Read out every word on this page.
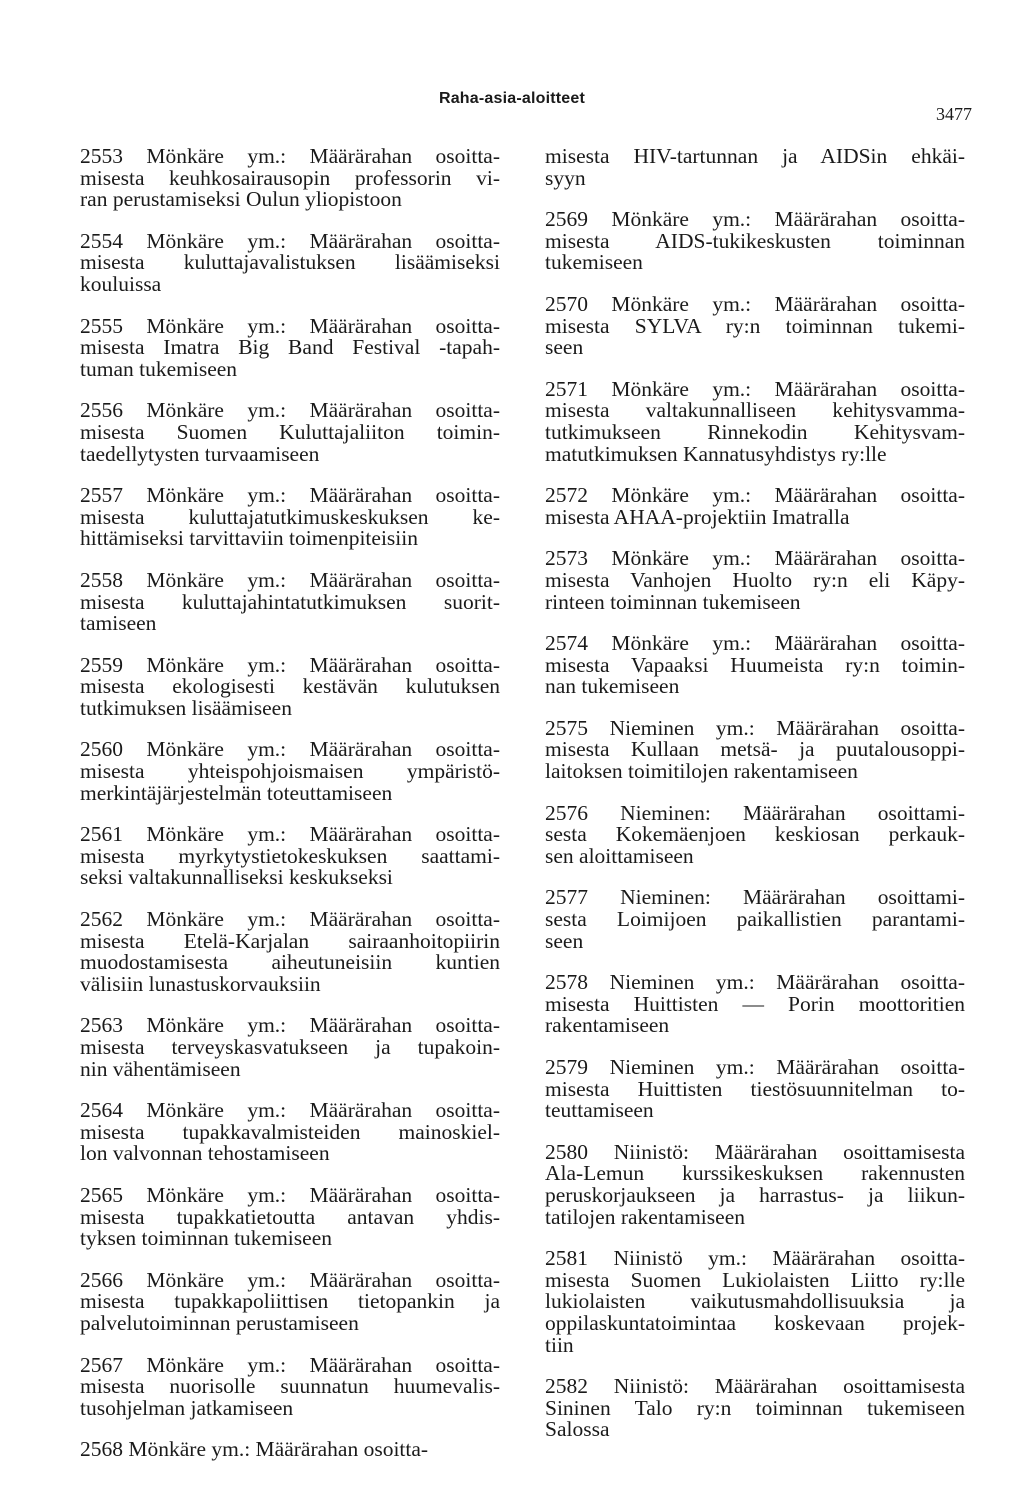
Raha-asia-aloitteet
3477
2553 Mönkäre ym.: Määrärahan osoitta-
misesta keuhkosairausopin professorin vi-
ran perustamiseksi Oulun yliopistoon
2554 Mönkäre ym.: Määrärahan osoitta-
misesta kuluttajavalistuksen lisäämiseksi
kouluissa
2555 Mönkäre ym.: Määrärahan osoitta-
misesta Imatra Big Band Festival -tapah-
tuman tukemiseen
2556 Mönkäre ym.: Määrärahan osoitta-
misesta Suomen Kuluttajaliiton toimin-
taedellytysten turvaamiseen
2557 Mönkäre ym.: Määrärahan osoitta-
misesta kuluttajatutkimuskeskuksen ke-
hittämiseksi tarvittaviin toimenpiteisiin
2558 Mönkäre ym.: Määrärahan osoitta-
misesta kuluttajahintatutkimuksen suorit-
tamiseen
2559 Mönkäre ym.: Määrärahan osoitta-
misesta ekologisesti kestävän kulutuksen
tutkimuksen lisäämiseen
2560 Mönkäre ym.: Määrärahan osoitta-
misesta yhteispohjoismaisen ympäristö-
merkintäjärjestelmän toteuttamiseen
2561 Mönkäre ym.: Määrärahan osoitta-
misesta myrkytystietokeskuksen saattami-
seksi valtakunnalliseksi keskukseksi
2562 Mönkäre ym.: Määrärahan osoitta-
misesta Etelä-Karjalan sairaanhoitopiirin
muodostamisesta aiheutuneisiin kuntien
välisiin lunastuskorvauksiin
2563 Mönkäre ym.: Määrärahan osoitta-
misesta terveyskasvatukseen ja tupakoin-
nin vähentämiseen
2564 Mönkäre ym.: Määrärahan osoitta-
misesta tupakkavalmisteiden mainoskiel-
lon valvonnan tehostamiseen
2565 Mönkäre ym.: Määrärahan osoitta-
misesta tupakkatietoutta antavan yhdis-
tyksen toiminnan tukemiseen
2566 Mönkäre ym.: Määrärahan osoitta-
misesta tupakkapoliittisen tietopankin ja
palvelutoiminnan perustamiseen
2567 Mönkäre ym.: Määrärahan osoitta-
misesta nuorisolle suunnatun huumevalis-
tusohjelman jatkamiseen
2568 Mönkäre ym.: Määrärahan osoitta-
misesta HIV-tartunnan ja AIDSin ehkäi-
syyn
2569 Mönkäre ym.: Määrärahan osoitta-
misesta AIDS-tukikeskusten toiminnan
tukemiseen
2570 Mönkäre ym.: Määrärahan osoitta-
misesta SYLVA ry:n toiminnan tukemi-
seen
2571 Mönkäre ym.: Määrärahan osoitta-
misesta valtakunnalliseen kehitysvamma-
tutkimukseen Rinnekodin Kehitysvam-
matutkimuksen Kannatusyhdistys ry:lle
2572 Mönkäre ym.: Määrärahan osoitta-
misesta AHAA-projektiin Imatralla
2573 Mönkäre ym.: Määrärahan osoitta-
misesta Vanhojen Huolto ry:n eli Käpy-
rinteen toiminnan tukemiseen
2574 Mönkäre ym.: Määrärahan osoitta-
misesta Vapaaksi Huumeista ry:n toimin-
nan tukemiseen
2575 Nieminen ym.: Määrärahan osoitta-
misesta Kullaan metsä- ja puutalousoppi-
laitoksen toimitilojen rakentamiseen
2576 Nieminen: Määrärahan osoittami-
sesta Kokemäenjoen keskiosan perkauk-
sen aloittamiseen
2577 Nieminen: Määrärahan osoittami-
sesta Loimijoen paikallistien parantami-
seen
2578 Nieminen ym.: Määrärahan osoitta-
misesta Huittisten — Porin moottoritien
rakentamiseen
2579 Nieminen ym.: Määrärahan osoitta-
misesta Huittisten tiestösuunnitelman to-
teuttamiseen
2580 Niinistö: Määrärahan osoittamisesta
Ala-Lemun kurssikeskuksen rakennusten
peruskorjaukseen ja harrastus- ja liikun-
tatilojen rakentamiseen
2581 Niinistö ym.: Määrärahan osoitta-
misesta Suomen Lukiolaisten Liitto ry:lle
lukiolaisten vaikutusmahdollisuuksia ja
oppilaskuntatoimintaa koskevaan projek-
tiin
2582 Niinistö: Määrärahan osoittamisesta
Sininen Talo ry:n toiminnan tukemiseen
Salossa
